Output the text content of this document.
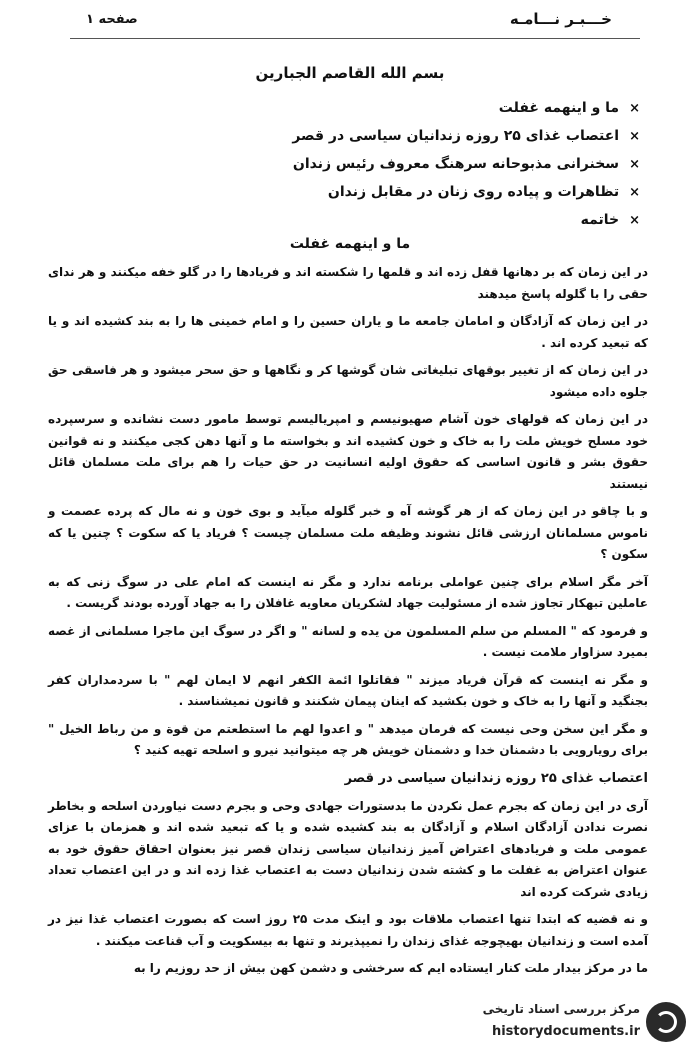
خـــبـر نـــامـه
صفحه ۱
بسم الله القاصم الجبارين
×ما و اینهمه غفلت
×اعتصاب غذای ۲۵ روزه زندانیان سیاسی در قصر
×سخنرانی مذبوحانه سرهنگ معروف رئیس زندان
×تظاهرات و پیاده روی زنان در مقابل زندان
×خاتمه
ما و اینهمه غفلت

در این زمان که بر دهانها قفل زده اند و قلمها را شکسته اند و فریادها را در گلو خفه میکنند و هر ندای حقی را با گلوله پاسخ میدهند

در این زمان که آزادگان و امامان جامعه ما و یاران حسین را و امام خمینی ها را به بند کشیده اند و یا که تبعید کرده اند .

در این زمان که از تغییر بوقهای تبلیغاتی شان گوشها کر و نگاهها و حق سحر میشود و هر فاسقی حق جلوه داده میشود

در این زمان که قولهای خون آشام صهیونیسم و امپریالیسم توسط مامور دست نشانده و سرسپرده خود مسلح خویش ملت را به خاک و خون کشیده اند و بخواسته ما و آنها دهن کجی میکنند و نه قوانین حقوق بشر و قانون اساسی که حقوق اولیه انسانیت در حق حیات را هم برای ملت مسلمان قائل نیستند

و با چاقو در این زمان که از هر گوشه آه و خبر گلوله میآید و بوی خون و نه مال که پرده عصمت و ناموس مسلمانان ارزشی قائل نشوند وظیفه ملت مسلمان چیست ؟ فریاد یا که سکوت ؟ چنین یا که سکون ؟

آخر مگر اسلام برای چنین عواملی برنامه ندارد و مگر نه اینست که امام علی در سوگ زنی که به عاملین تبهکار تجاوز شده از مسئولیت جهاد لشکریان معاویه غافلان را به جهاد آورده بودند گریست .

و فرمود که " المسلم من سلم المسلمون من یده و لسانه " و اگر در سوگ این ماجرا مسلمانی از غصه بمیرد سزاوار ملامت نیست .

و مگر نه اینست که قرآن فریاد میزند " فقاتلوا ائمة الکفر انهم لا ایمان لهم " با سردمداران کفر بجنگید و آنها را به خاک و خون بکشید که اینان پیمان شکنند و قانون نمیشناسند .

و مگر این سخن وحی نیست که فرمان میدهد " و اعدوا لهم ما استطعتم من قوة و من رباط الخیل " برای رویارویی با دشمنان خدا و دشمنان خویش هر چه میتوانید نیرو و اسلحه تهیه کنید ؟

اعتصاب غذای ۲۵ روزه زندانیان سیاسی در قصر

آری در این زمان که بجرم عمل نکردن ما بدستورات جهادی وحی و بجرم دست نیاوردن اسلحه و بخاطر نصرت ندادن آزادگان اسلام و آزادگان به بند کشیده شده و یا که تبعید شده اند و همزمان با عزای عمومی ملت و فریادهای اعتراض آمیز زندانیان سیاسی زندان قصر نیز بعنوان احقاق حقوق خود به عنوان اعتراض به غفلت ما و کشته شدن زندانیان دست به اعتصاب غذا زده اند و در این اعتصاب تعداد زیادی شرکت کرده اند

و نه قضیه که ابتدا تنها اعتصاب ملاقات بود و اینک مدت ۲۵ روز است که بصورت اعتصاب غذا نیز در آمده است و زندانیان بهیچوجه غذای زندان را نمیپذیرند و تنها به بیسکویت و آب قناعت میکنند .

ما در مرکز بیدار ملت کنار ایستاده ایم که سرخشی و دشمن کهن بیش از حد روزیم را به

مرکز بررسی اسناد تاریخی
historydocuments.ir
